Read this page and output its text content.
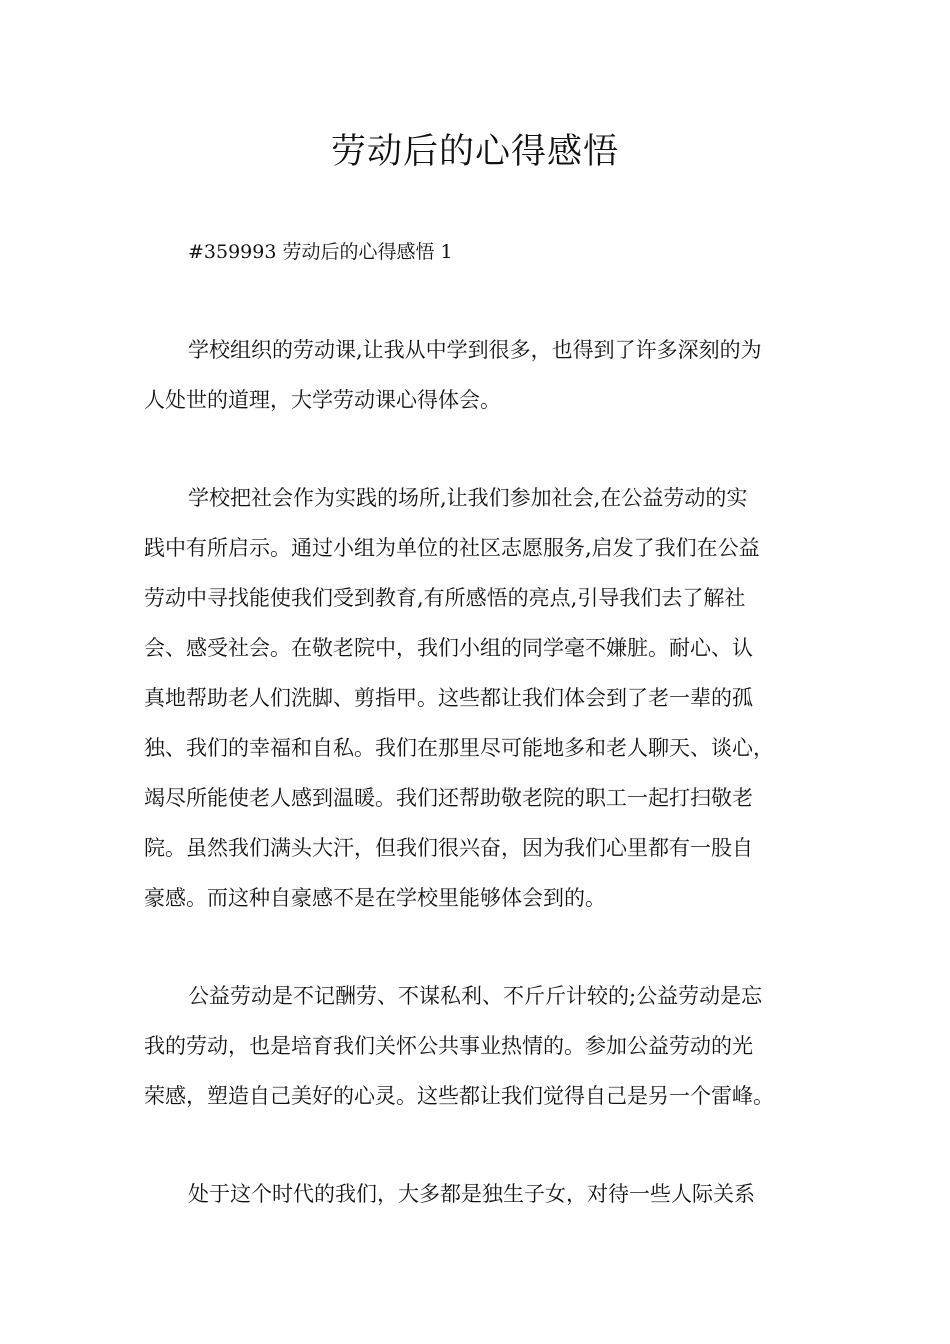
劳动后的心得感悟

#359993 劳动后的心得感悟 1

学校组织的劳动课,让我从中学到很多，也得到了许多深刻的为
人处世的道理，大学劳动课心得体会。
学校把社会作为实践的场所,让我们参加社会,在公益劳动的实
践中有所启示。通过小组为单位的社区志愿服务,启发了我们在公益
劳动中寻找能使我们受到教育,有所感悟的亮点,引导我们去了解社
会、感受社会。在敬老院中，我们小组的同学毫不嫌脏。耐心、认
真地帮助老人们洗脚、剪指甲。这些都让我们体会到了老一辈的孤
独、我们的幸福和自私。我们在那里尽可能地多和老人聊天、谈心，
竭尽所能使老人感到温暖。我们还帮助敬老院的职工一起打扫敬老
院。虽然我们满头大汗，但我们很兴奋，因为我们心里都有一股自
豪感。而这种自豪感不是在学校里能够体会到的。
公益劳动是不记酬劳、不谋私利、不斤斤计较的;公益劳动是忘
我的劳动，也是培育我们关怀公共事业热情的。参加公益劳动的光
荣感，塑造自己美好的心灵。这些都让我们觉得自己是另一个雷峰。
处于这个时代的我们，大多都是独生子女，对待一些人际关系
